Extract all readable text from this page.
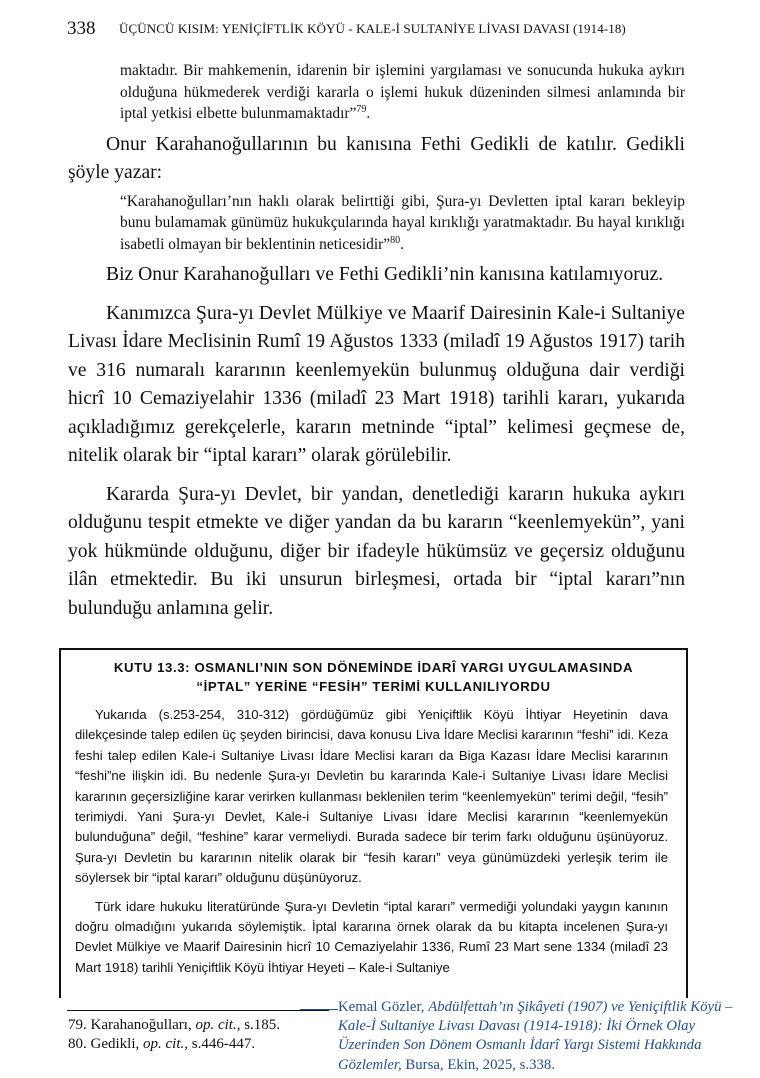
338 ÜÇÜNCÜ KISIM: YENİÇİFTLİK KÖYÜ - KALE-İ SULTANİYE LİVASI DAVASI (1914-18)

maktadır. Bir mahkemenin, idarenin bir işlemini yargılaması ve sonucunda hukuka aykırı olduğuna hükmederek verdiği kararla o işlemi hukuk düzeninden silmesi anlamında bir iptal yetkisi elbette bulunmamaktadır”$^{79}$.

Onur Karahanoğullarının bu kanısına Fethi Gedikli de katılır. Gedikli şöyle yazar:

“Karahanoğulları’nın haklı olarak belirttiği gibi, Şura-yı Devletten iptal kararı bekleyip bunu bulamamak günümüz hukukçularında hayal kırıklığı yaratmaktadır. Bu hayal kırıklığı isabetli olmayan bir beklentinin neticesidir”$^{80}$.

Biz Onur Karahanoğulları ve Fethi Gedikli’nin kanısına katılamıyoruz.

Kanımızca Şura-yı Devlet Mülkiye ve Maarif Dairesinin Kale-i Sultaniye Livası İdare Meclisinin Rumî 19 Ağustos 1333 (miladî 19 Ağustos 1917) tarih ve 316 numaralı kararının keenlemyekün bulunmuş olduğuna dair verdiği hicrî 10 Cemaziyelahir 1336 (miladî 23 Mart 1918) tarihli kararı, yukarıda açıkladığımız gerekçelerle, kararın metninde “iptal” kelimesi geçmese de, nitelik olarak bir “iptal kararı” olarak görülebilir.

Kararda Şura-yı Devlet, bir yandan, denetlediği kararın hukuka aykırı olduğunu tespit etmekte ve diğer yandan da bu kararın “keenlemyekün”, yani yok hükmünde olduğunu, diğer bir ifadeyle hükümsüz ve geçersiz olduğunu ilân etmektedir. Bu iki unsurun birleşmesi, ortada bir “iptal kararı”nın bulunduğu anlamına gelir.

KUTU 13.3: OSMANLI’NIN SON DÖNEMİNDE İDARÎ YARGI UYGULAMASINDA
“İPTAL” YERİNE “FESİH” TERİMİ KULLANILIYORDU

Yukarıda (s.253-254, 310-312) gördüğümüz gibi Yeniçiftlik Köyü İhtiyar Heyetinin dava dilekçesinde talep edilen üç şeyden birincisi, dava konusu Liva İdare Meclisi kararının “feshi” idi. Keza feshi talep edilen Kale-i Sultaniye Livası İdare Meclisi kararı da Biga Kazası İdare Meclisi kararının “feshi”ne ilişkin idi. Bu nedenle Şura-yı Devletin bu kararında Kale-i Sultaniye Livası İdare Meclisi kararının geçersizliğine karar verirken kullanması beklenilen terim “keenlemyekün” terimi değil, “fesih” terimiydi. Yani Şura-yı Devlet, Kale-i Sultaniye Livası İdare Meclisi kararının “keenlemyekün bulunduğuna” değil, “feshine” karar vermeliydi. Burada sadece bir terim farkı olduğunu üşünüyoruz. Şura-yı Devletin bu kararının nitelik olarak bir “fesih kararı” veya günümüzdeki yerleşik terim ile söylersek bir “iptal kararı” olduğunu düşünüyoruz.

Türk idare hukuku literatüründe Şura-yı Devletin “iptal kararı” vermediği yolundaki yaygın kanının doğru olmadığını yukarıda söylemiştik. İptal kararına örnek olarak da bu kitapta incelenen Şura-yı Devlet Mülkiye ve Maarif Dairesinin hicrî 10 Cemaziyelahir 1336, Rumî 23 Mart sene 1334 (miladî 23 Mart 1918) tarihli Yeniçiftlik Köyü İhtiyar Heyeti – Kale-i Sultaniye

79. Karahanoğulları, op. cit., s.185.
80. Gedikli, op. cit., s.446-447.
Kemal Gözler, Abdülfettah’ın Şikâyeti (1907) ve Yeniçiftlik Köyü – Kale-İ Sultaniye Livası Davası (1914-1918): İki Örnek Olay Üzerinden Son Dönem Osmanlı İdarî Yargı Sistemi Hakkında Gözlemler, Bursa, Ekin, 2025, s.338.
